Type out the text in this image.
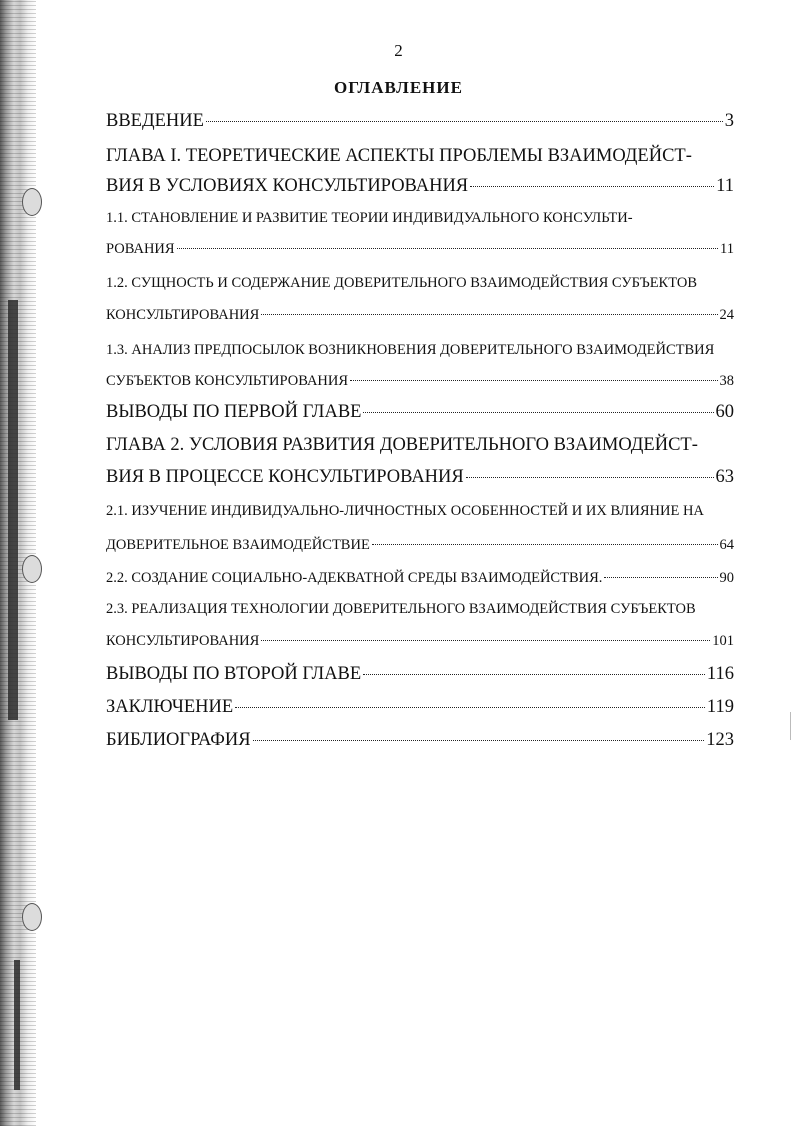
2
ОГЛАВЛЕНИЕ
ВВЕДЕНИЕ	3
ГЛАВА I. ТЕОРЕТИЧЕСКИЕ АСПЕКТЫ ПРОБЛЕМЫ ВЗАИМОДЕЙСТ-
ВИЯ В УСЛОВИЯХ КОНСУЛЬТИРОВАНИЯ	11
1.1. СТАНОВЛЕНИЕ И РАЗВИТИЕ ТЕОРИИ ИНДИВИДУАЛЬНОГО КОНСУЛЬТИ-
РОВАНИЯ	11
1.2. СУЩНОСТЬ И СОДЕРЖАНИЕ ДОВЕРИТЕЛЬНОГО ВЗАИМОДЕЙСТВИЯ СУБЪЕКТОВ
КОНСУЛЬТИРОВАНИЯ	24
1.3. АНАЛИЗ ПРЕДПОСЫЛОК ВОЗНИКНОВЕНИЯ ДОВЕРИТЕЛЬНОГО ВЗАИМОДЕЙСТВИЯ
СУБЪЕКТОВ КОНСУЛЬТИРОВАНИЯ	38
ВЫВОДЫ ПО ПЕРВОЙ ГЛАВЕ	60
ГЛАВА 2. УСЛОВИЯ РАЗВИТИЯ ДОВЕРИТЕЛЬНОГО ВЗАИМОДЕЙСТ-
ВИЯ В ПРОЦЕССЕ КОНСУЛЬТИРОВАНИЯ	63
2.1. ИЗУЧЕНИЕ ИНДИВИДУАЛЬНО-ЛИЧНОСТНЫХ ОСОБЕННОСТЕЙ И ИХ ВЛИЯНИЕ НА
ДОВЕРИТЕЛЬНОЕ ВЗАИМОДЕЙСТВИЕ	64
2.2. СОЗДАНИЕ СОЦИАЛЬНО-АДЕКВАТНОЙ СРЕДЫ ВЗАИМОДЕЙСТВИЯ.	90
2.3. РЕАЛИЗАЦИЯ ТЕХНОЛОГИИ ДОВЕРИТЕЛЬНОГО ВЗАИМОДЕЙСТВИЯ СУБЪЕКТОВ
КОНСУЛЬТИРОВАНИЯ	101
ВЫВОДЫ ПО ВТОРОЙ ГЛАВЕ	116
ЗАКЛЮЧЕНИЕ	119
БИБЛИОГРАФИЯ	123
